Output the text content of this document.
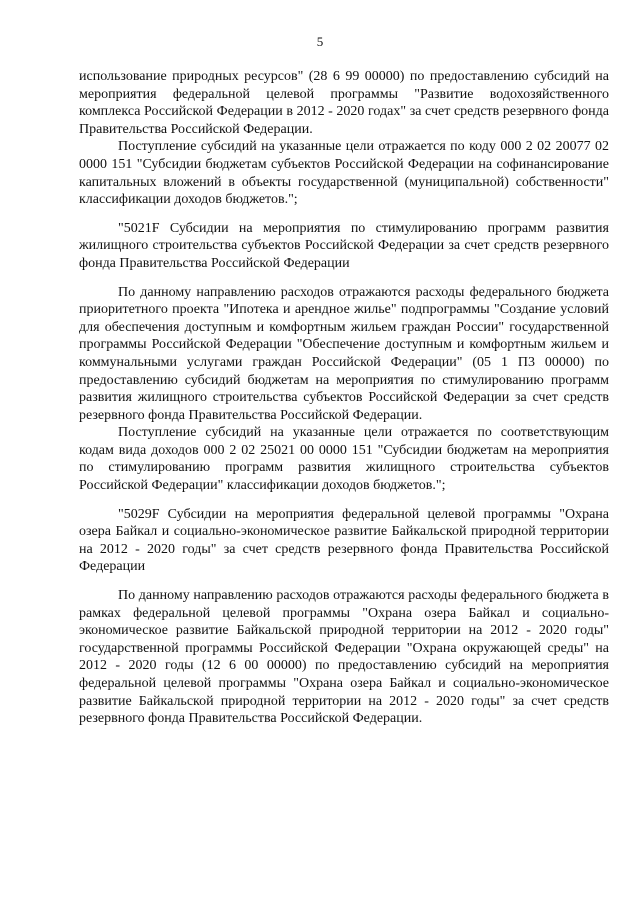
5

использование природных ресурсов" (28 6 99 00000) по предоставлению субсидий на мероприятия федеральной целевой программы "Развитие водохозяйственного комплекса Российской Федерации в 2012 - 2020 годах" за счет средств резервного фонда Правительства Российской Федерации.

Поступление субсидий на указанные цели отражается по коду 000 2 02 20077 02 0000 151 "Субсидии бюджетам субъектов Российской Федерации на софинансирование капитальных вложений в объекты государственной (муниципальной) собственности" классификации доходов бюджетов.";

"5021F Субсидии на мероприятия по стимулированию программ развития жилищного строительства субъектов Российской Федерации за счет средств резервного фонда Правительства Российской Федерации

По данному направлению расходов отражаются расходы федерального бюджета приоритетного проекта "Ипотека и арендное жилье" подпрограммы "Создание условий для обеспечения доступным и комфортным жильем граждан России" государственной программы Российской Федерации "Обеспечение доступным и комфортным жильем и коммунальными услугами граждан Российской Федерации" (05 1 П3 00000) по предоставлению субсидий бюджетам на мероприятия по стимулированию программ развития жилищного строительства субъектов Российской Федерации за счет средств резервного фонда Правительства Российской Федерации.

Поступление субсидий на указанные цели отражается по соответствующим кодам вида доходов 000 2 02 25021 00 0000 151 "Субсидии бюджетам на мероприятия по стимулированию программ развития жилищного строительства субъектов Российской Федерации" классификации доходов бюджетов.";

"5029F Субсидии на мероприятия федеральной целевой программы "Охрана озера Байкал и социально-экономическое развитие Байкальской природной территории на 2012 - 2020 годы" за счет средств резервного фонда Правительства Российской Федерации

По данному направлению расходов отражаются расходы федерального бюджета в рамках федеральной целевой программы "Охрана озера Байкал и социально-экономическое развитие Байкальской природной территории на 2012 - 2020 годы" государственной программы Российской Федерации "Охрана окружающей среды" на 2012 - 2020 годы (12 6 00 00000) по предоставлению субсидий на мероприятия федеральной целевой программы "Охрана озера Байкал и социально-экономическое развитие Байкальской природной территории на 2012 - 2020 годы" за счет средств резервного фонда Правительства Российской Федерации.
